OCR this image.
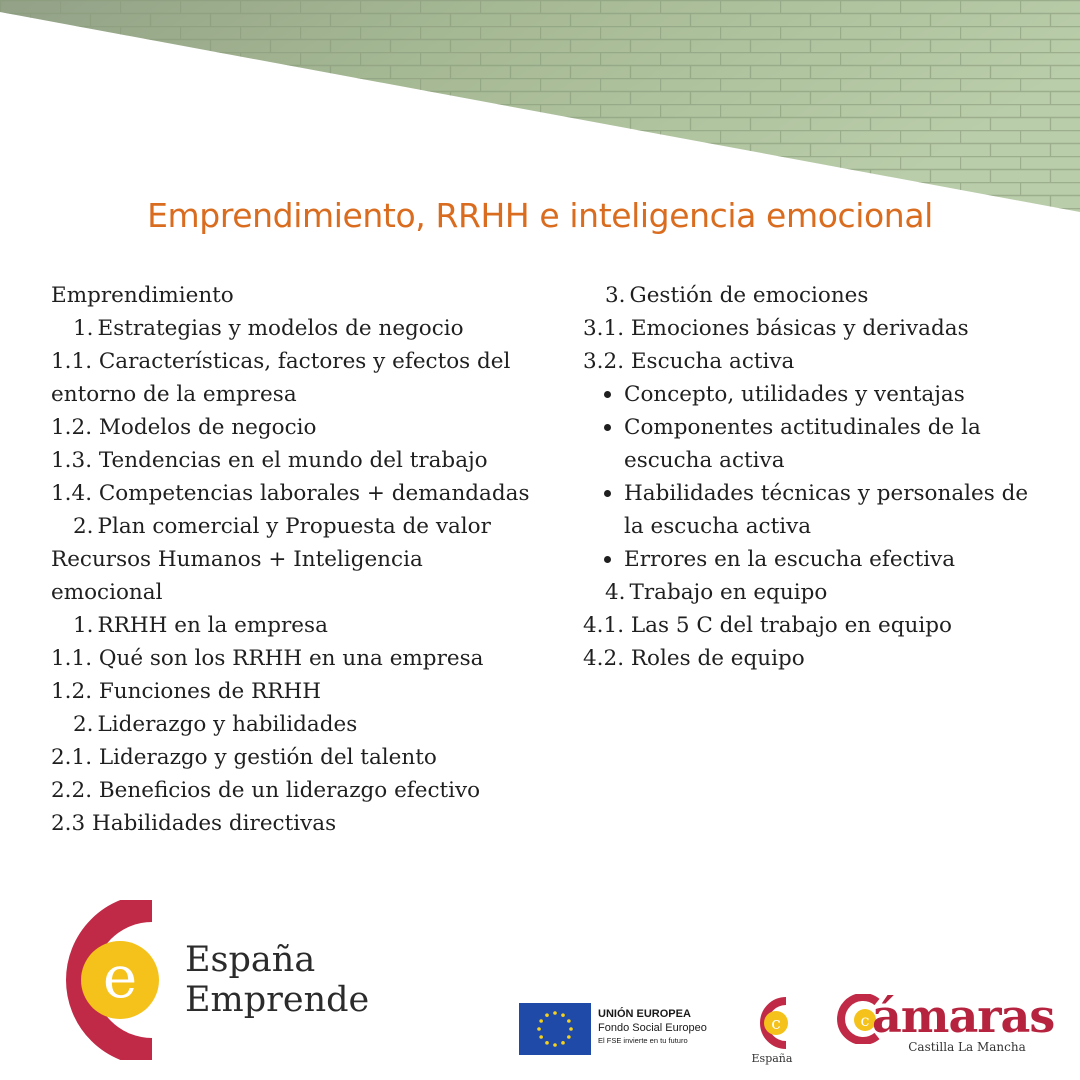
Emprendimiento, RRHH e inteligencia emocional
Emprendimiento
1. Estrategias y modelos de negocio
1.1. Características, factores y efectos del entorno de la empresa
1.2. Modelos de negocio
1.3. Tendencias en el mundo del trabajo
1.4. Competencias laborales + demandadas
2. Plan comercial y Propuesta de valor
Recursos Humanos + Inteligencia emocional
1. RRHH en la empresa
1.1. Qué son los RRHH en una empresa
1.2. Funciones de RRHH
2. Liderazgo y habilidades
2.1. Liderazgo y gestión del talento
2.2. Beneficios de un liderazgo efectivo
2.3 Habilidades directivas
3. Gestión de emociones
3.1. Emociones básicas y derivadas
3.2. Escucha activa
Concepto, utilidades y ventajas
Componentes actitudinales de la escucha activa
Habilidades técnicas y personales de la escucha activa
Errores en la escucha efectiva
4. Trabajo en equipo
4.1. Las 5 C del trabajo en equipo
4.2. Roles de equipo
e España
Emprende	UNIÓN EUROPEA
Fondo Social Europeo
El FSE invierte en tu futuro
c
España
c ámaras
Castilla La Mancha
